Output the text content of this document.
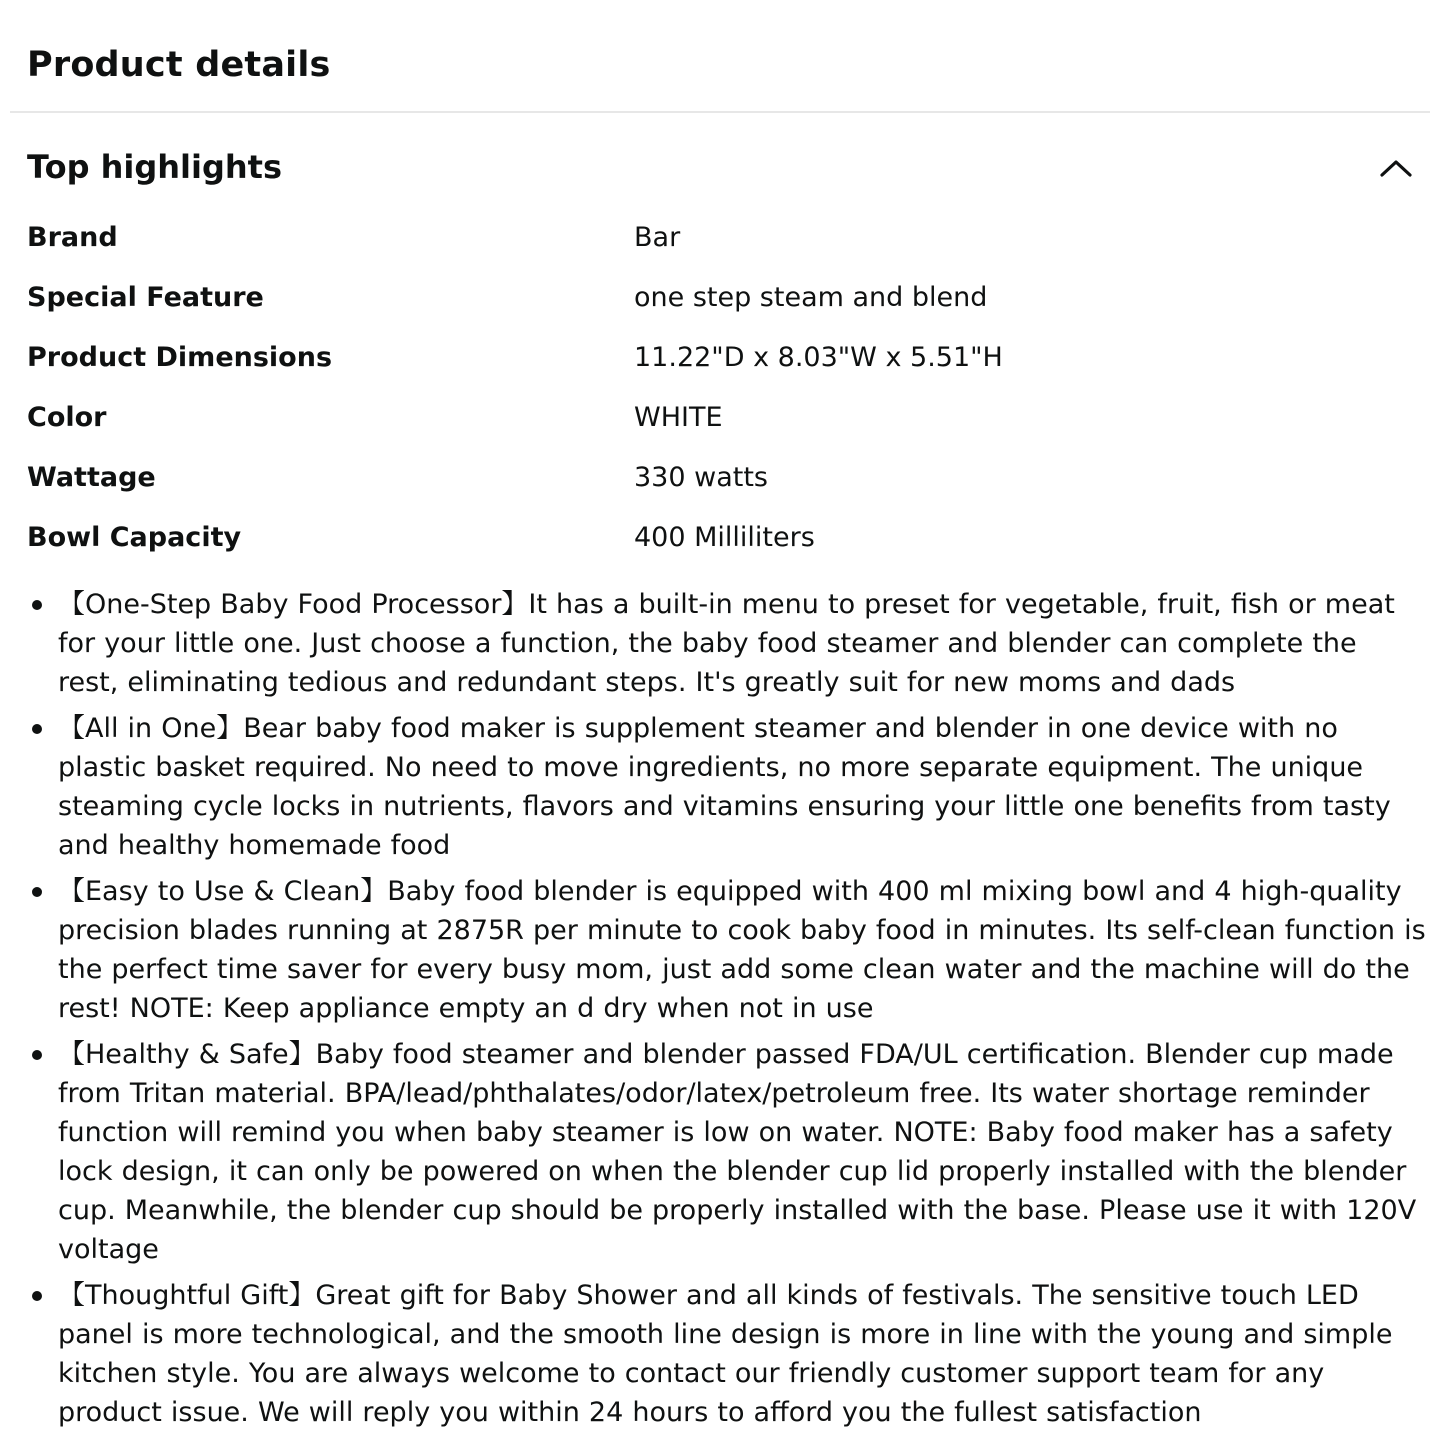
Product details
Top highlights
Brand	Bar
Special Feature	one step steam and blend
Product Dimensions	11.22"D x 8.03"W x 5.51"H
Color	WHITE
Wattage	330 watts
Bowl Capacity	400 Milliliters
【One-Step Baby Food Processor】It has a built-in menu to preset for vegetable, fruit, fish or meat for your little one. Just choose a function, the baby food steamer and blender can complete the rest, eliminating tedious and redundant steps. It's greatly suit for new moms and dads
【All in One】Bear baby food maker is supplement steamer and blender in one device with no plastic basket required. No need to move ingredients, no more separate equipment. The unique steaming cycle locks in nutrients, flavors and vitamins ensuring your little one benefits from tasty and healthy homemade food
【Easy to Use & Clean】Baby food blender is equipped with 400 ml mixing bowl and 4 high-quality precision blades running at 2875R per minute to cook baby food in minutes. Its self-clean function is the perfect time saver for every busy mom, just add some clean water and the machine will do the rest! NOTE: Keep appliance empty an d dry when not in use
【Healthy & Safe】Baby food steamer and blender passed FDA/UL certification. Blender cup made from Tritan material. BPA/lead/phthalates/odor/latex/petroleum free. Its water shortage reminder function will remind you when baby steamer is low on water. NOTE: Baby food maker has a safety lock design, it can only be powered on when the blender cup lid properly installed with the blender cup. Meanwhile, the blender cup should be properly installed with the base. Please use it with 120V voltage
【Thoughtful Gift】Great gift for Baby Shower and all kinds of festivals. The sensitive touch LED panel is more technological, and the smooth line design is more in line with the young and simple kitchen style. You are always welcome to contact our friendly customer support team for any product issue. We will reply you within 24 hours to afford you the fullest satisfaction
